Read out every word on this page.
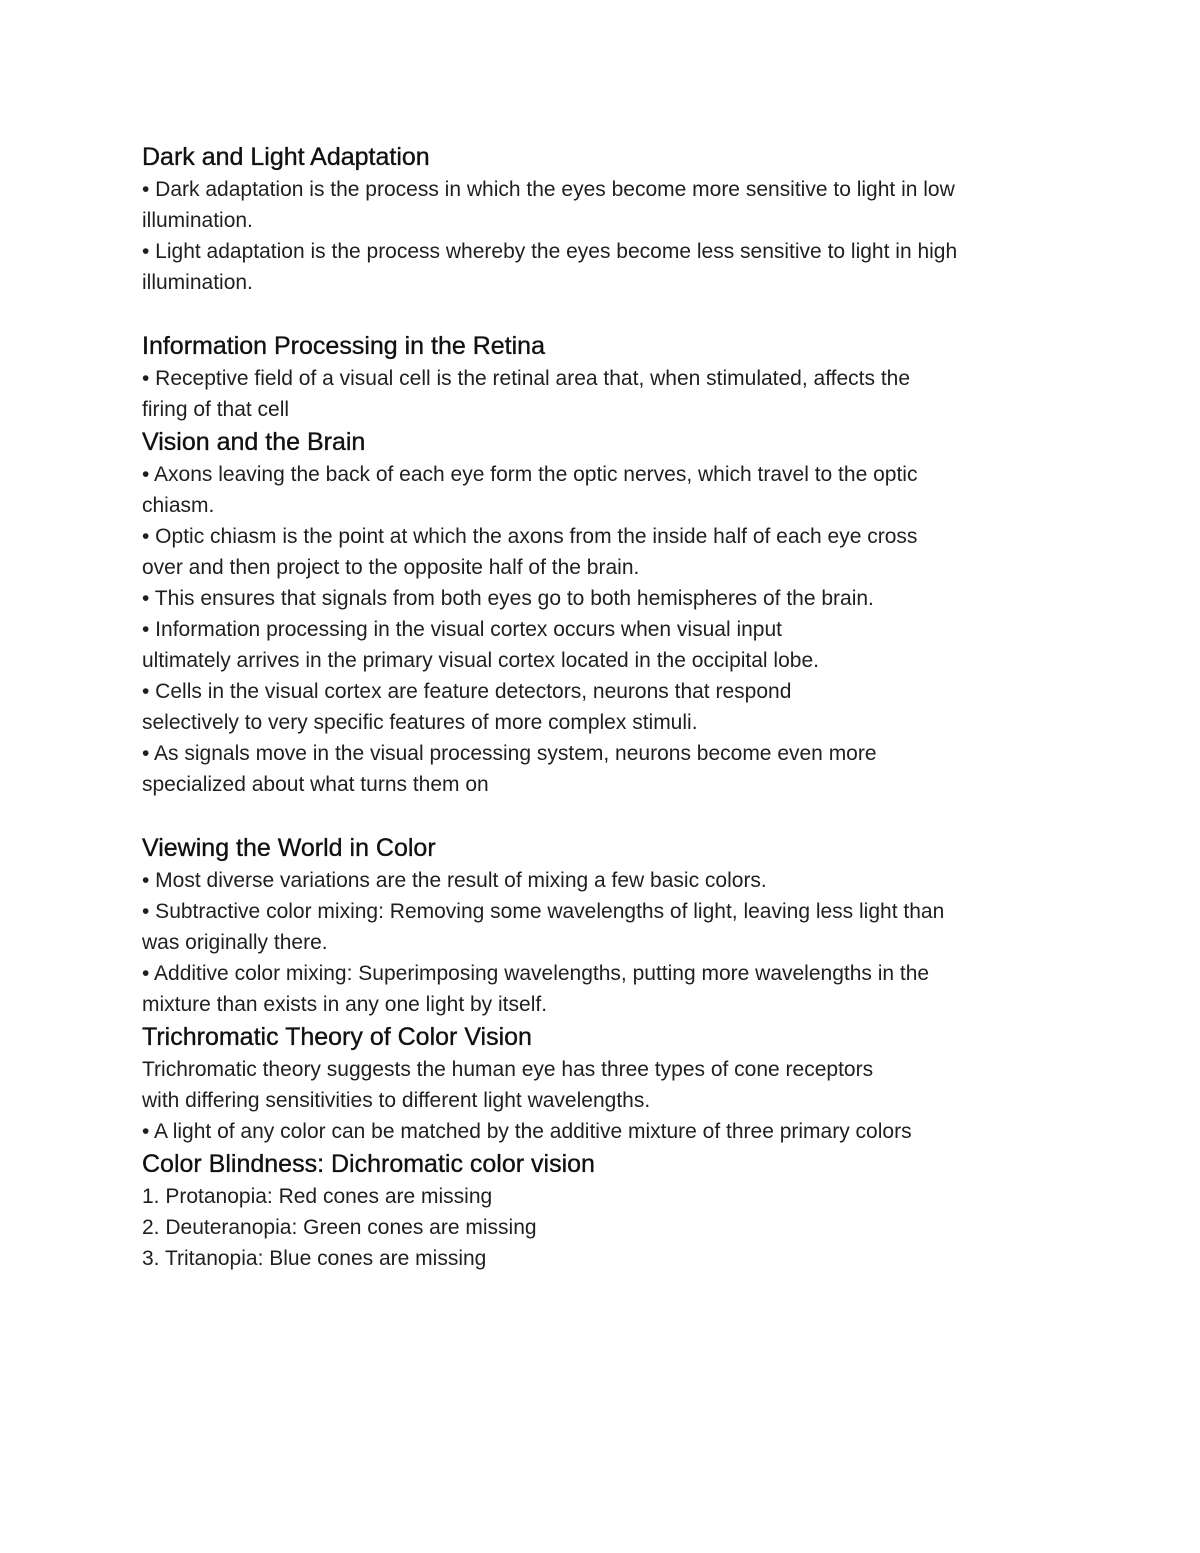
Dark and Light Adaptation

• Dark adaptation is the process in which the eyes become more sensitive to light in low

illumination.

• Light adaptation is the process whereby the eyes become less sensitive to light in high

illumination.

Information Processing in the Retina

• Receptive field of a visual cell is the retinal area that, when stimulated, affects the

firing of that cell

Vision and the Brain

• Axons leaving the back of each eye form the optic nerves, which travel to the optic

chiasm.

• Optic chiasm is the point at which the axons from the inside half of each eye cross

over and then project to the opposite half of the brain.

• This ensures that signals from both eyes go to both hemispheres of the brain.

• Information processing in the visual cortex occurs when visual input

ultimately arrives in the primary visual cortex located in the occipital lobe.

• Cells in the visual cortex are feature detectors, neurons that respond

selectively to very specific features of more complex stimuli.

• As signals move in the visual processing system, neurons become even more

specialized about what turns them on

Viewing the World in Color

• Most diverse variations are the result of mixing a few basic colors.

• Subtractive color mixing: Removing some wavelengths of light, leaving less light than

was originally there.

• Additive color mixing: Superimposing wavelengths, putting more wavelengths in the

mixture than exists in any one light by itself.

Trichromatic Theory of Color Vision

Trichromatic theory suggests the human eye has three types of cone receptors

with differing sensitivities to different light wavelengths.

• A light of any color can be matched by the additive mixture of three primary colors

Color Blindness: Dichromatic color vision

1. Protanopia: Red cones are missing

2. Deuteranopia: Green cones are missing

3. Tritanopia: Blue cones are missing
